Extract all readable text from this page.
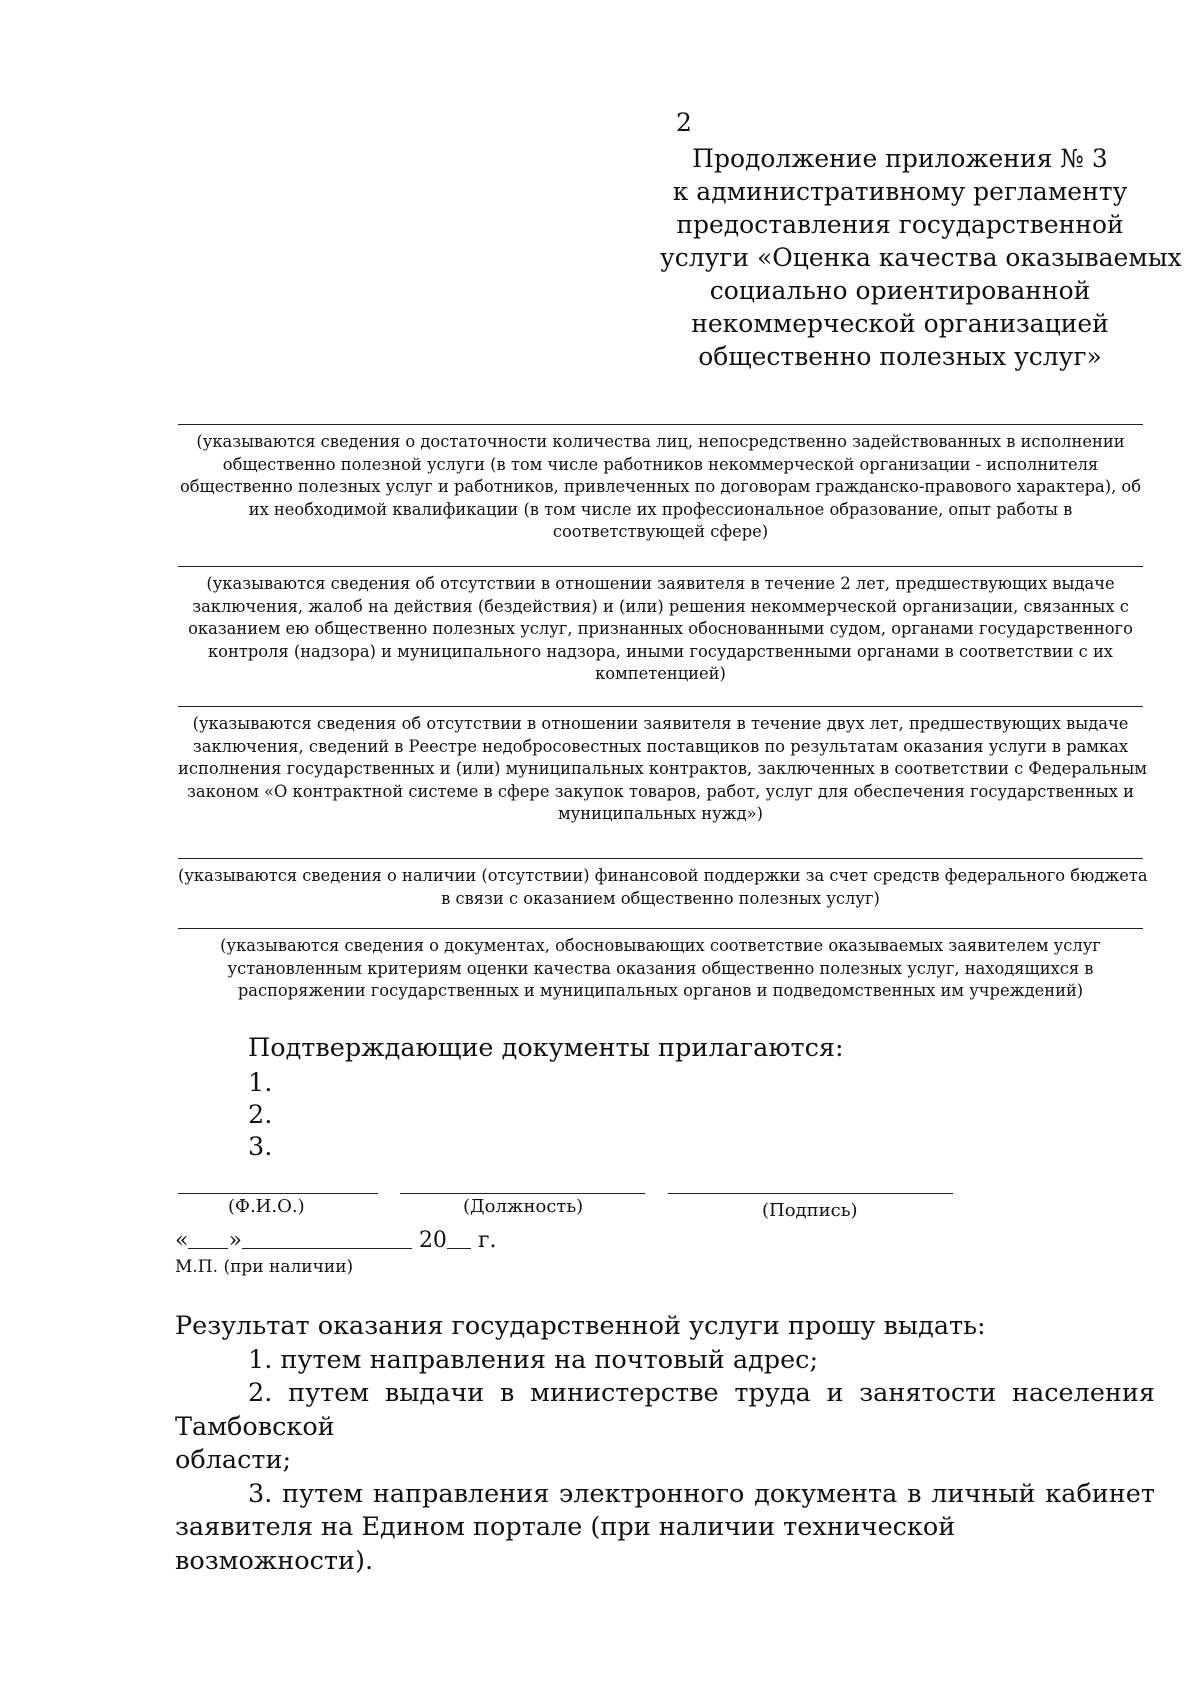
2
Продолжение приложения № 3
к административному регламенту
предоставления государственной
услуги «Оценка качества оказываемых
социально ориентированной
некоммерческой организацией
общественно полезных услуг»
(указываются сведения о достаточности количества лиц, непосредственно задействованных в исполнении
общественно полезной услуги (в том числе работников некоммерческой организации - исполнителя
общественно полезных услуг и работников, привлеченных по договорам гражданско-правового характера), об
их необходимой квалификации (в том числе их профессиональное образование, опыт работы в
соответствующей сфере)
(указываются сведения об отсутствии в отношении заявителя в течение 2 лет, предшествующих выдаче
заключения, жалоб на действия (бездействия) и (или) решения некоммерческой организации, связанных с
оказанием ею общественно полезных услуг, признанных обоснованными судом, органами государственного
контроля (надзора) и муниципального надзора, иными государственными органами в соответствии с их
компетенцией)
(указываются сведения об отсутствии в отношении заявителя в течение двух лет, предшествующих выдаче
заключения, сведений в Реестре недобросовестных поставщиков по результатам оказания услуги в рамках
исполнения государственных и (или) муниципальных контрактов, заключенных в соответствии с Федеральным
законом «О контрактной системе в сфере закупок товаров, работ, услуг для обеспечения государственных и
муниципальных нужд»)
(указываются сведения о наличии (отсутствии) финансовой поддержки за счет средств федерального бюджета
в связи с оказанием общественно полезных услуг)
(указываются сведения о документах, обосновывающих соответствие оказываемых заявителем услуг
установленным критериям оценки качества оказания общественно полезных услуг, находящихся в
распоряжении государственных и муниципальных органов и подведомственных им учреждений)
Подтверждающие документы прилагаются:
1.
2.
3.
(Ф.И.О.)	(Должность)	(Подпись)
« »	20 г.
М.П. (при наличии)

Результат оказания государственной услуги прошу выдать:

1. путем направления на почтовый адрес;

2. путем выдачи в министерстве труда и занятости населения Тамбовской

области;

3. путем направления электронного документа в личный кабинет

заявителя на Едином портале (при наличии технической возможности).
